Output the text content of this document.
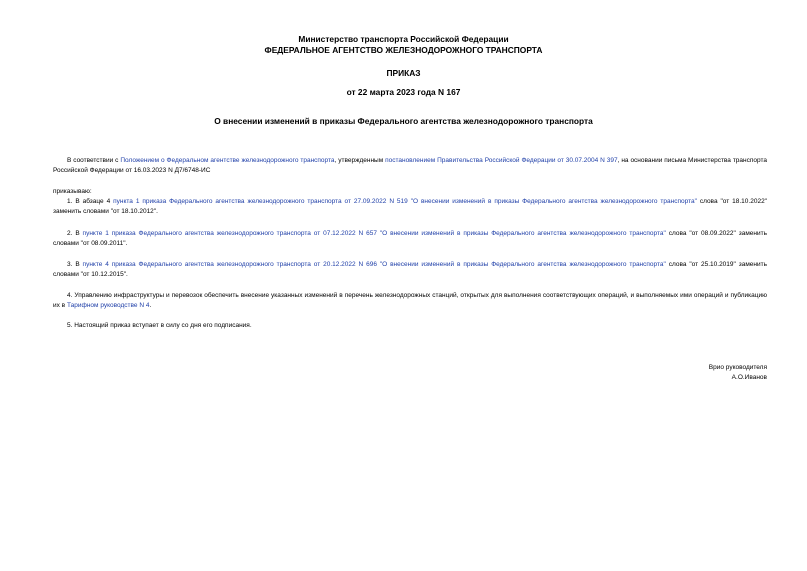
Министерство транспорта Российской Федерации
ФЕДЕРАЛЬНОЕ АГЕНТСТВО ЖЕЛЕЗНОДОРОЖНОГО ТРАНСПОРТА
ПРИКАЗ
от 22 марта 2023 года N 167
О внесении изменений в приказы Федерального агентства железнодорожного транспорта
В соответствии с Положением о Федеральном агентстве железнодорожного транспорта, утвержденным постановлением Правительства Российской Федерации от 30.07.2004 N 397, на основании письма Министерства транспорта Российской Федерации от 16.03.2023 N Д7/6748-ИС
приказываю:
1. В абзаце 4 пункта 1 приказа Федерального агентства железнодорожного транспорта от 27.09.2022 N 519 "О внесении изменений в приказы Федерального агентства железнодорожного транспорта" слова "от 18.10.2022" заменить словами "от 18.10.2012".
2. В пункте 1 приказа Федерального агентства железнодорожного транспорта от 07.12.2022 N 657 "О внесении изменений в приказы Федерального агентства железнодорожного транспорта" слова "от 08.09.2022" заменить словами "от 08.09.2011".
3. В пункте 4 приказа Федерального агентства железнодорожного транспорта от 20.12.2022 N 696 "О внесении изменений в приказы Федерального агентства железнодорожного транспорта" слова "от 25.10.2019" заменить словами "от 10.12.2015".
4. Управлению инфраструктуры и перевозок обеспечить внесение указанных изменений в перечень железнодорожных станций, открытых для выполнения соответствующих операций, и выполняемых ими операций и публикацию их в Тарифном руководстве N 4.
5. Настоящий приказ вступает в силу со дня его подписания.
Врио руководителя
А.О.Иванов
